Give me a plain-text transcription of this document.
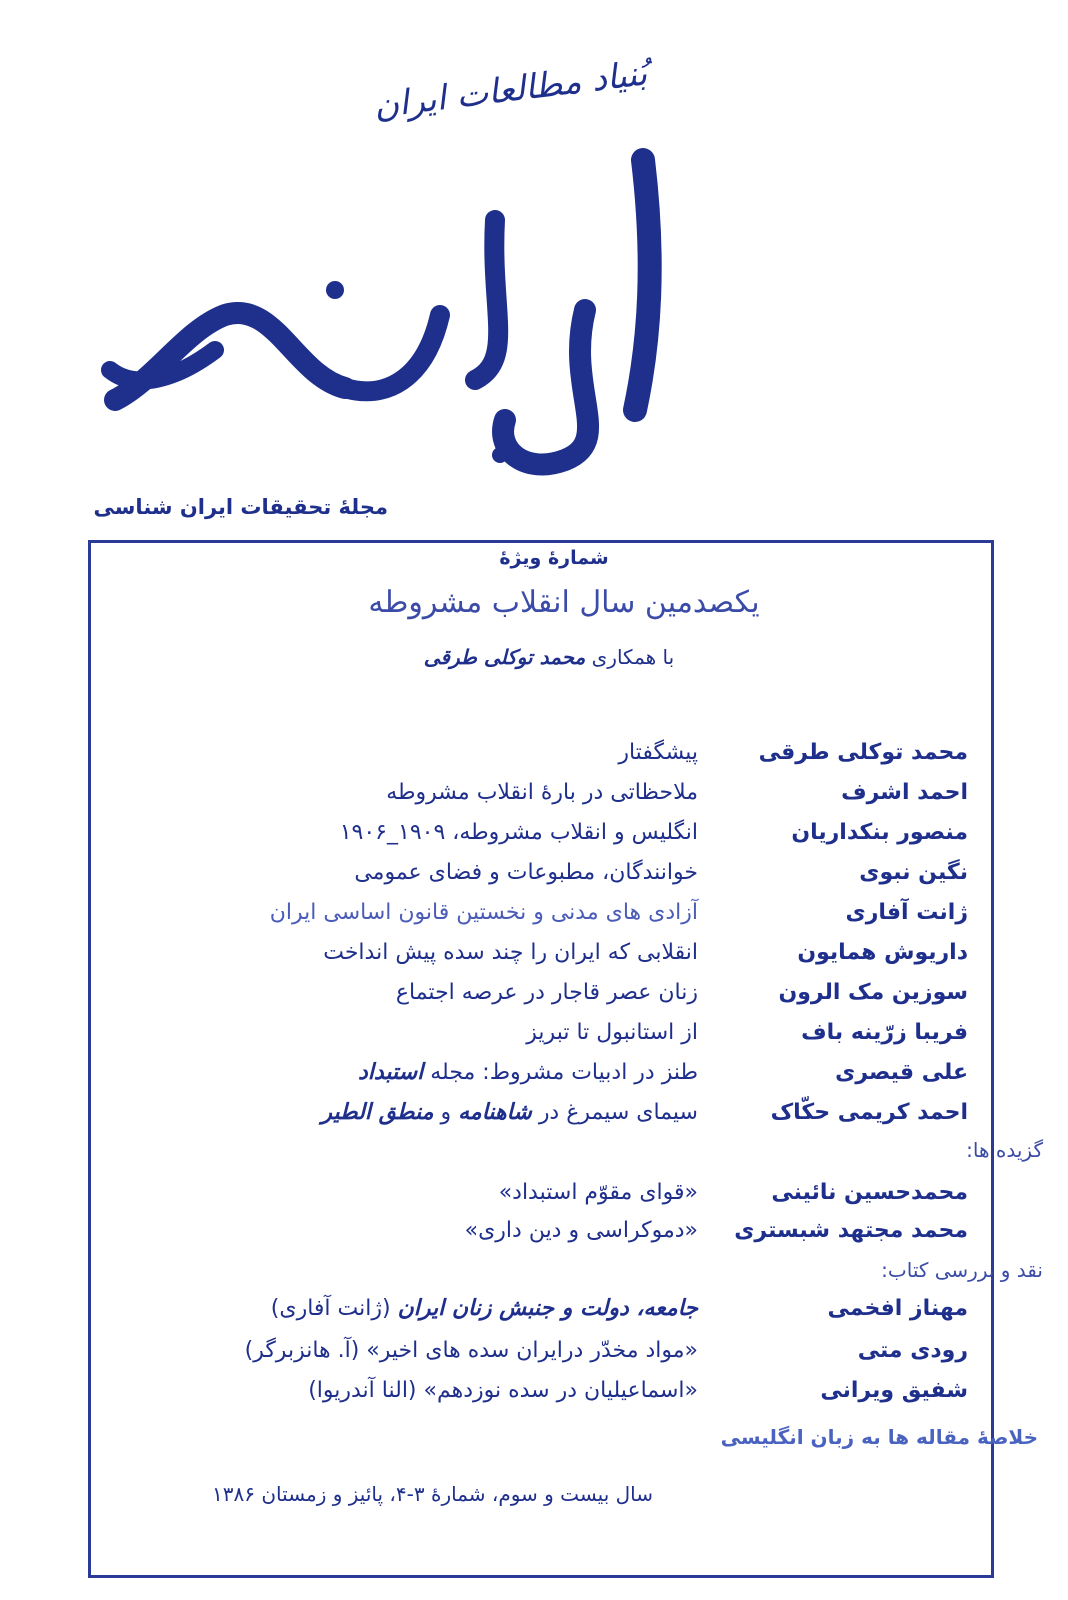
بُنیاد مطالعات ایران
مجلهٔ تحقیقات ایران شناسی
شمارهٔ ویژهٔ
یکصدمین سال انقلاب مشروطه
با همکاری محمد توکلی طرقی
محمد توکلی طرقی
پیشگفتار
احمد اشرف
ملاحظاتی در بارهٔ انقلاب مشروطه
منصور بنکداریان
انگلیس و انقلاب مشروطه، ۱۹۰۹_۱۹۰۶
نگین نبوی
خوانندگان، مطبوعات و فضای عمومی
ژانت آفاری
آزادی های مدنی و نخستین قانون اساسی ایران
داریوش همایون
انقلابی که ایران را چند سده پیش انداخت
سوزین مک الرون
زنان عصر قاجار در عرصه اجتماع
فریبا زرّینه باف
از استانبول تا تبریز
علی قیصری
طنز در ادبیات مشروط: مجله استبداد
احمد کریمی حکّاک
سیمای سیمرغ در شاهنامه و منطق الطیر
گزیده ها:
محمدحسین نائینی
«قوای مقوّم استبداد»
محمد مجتهد شبستری
«دموکراسی و دین داری»
نقد و بررسی کتاب:
مهناز افخمی
جامعه، دولت و جنبش زنان ایران (ژانت آفاری)
رودی متی
«مواد مخدّر درایران سده های اخیر» (آ. هانزبرگر)
شفیق ویرانی
«اسماعیلیان در سده نوزدهم» (النا آندریوا)
خلاصهٔ مقاله ها به زبان انگلیسی
سال بیست و سوم، شمارهٔ ۳-۴، پائیز و زمستان ۱۳۸۶
